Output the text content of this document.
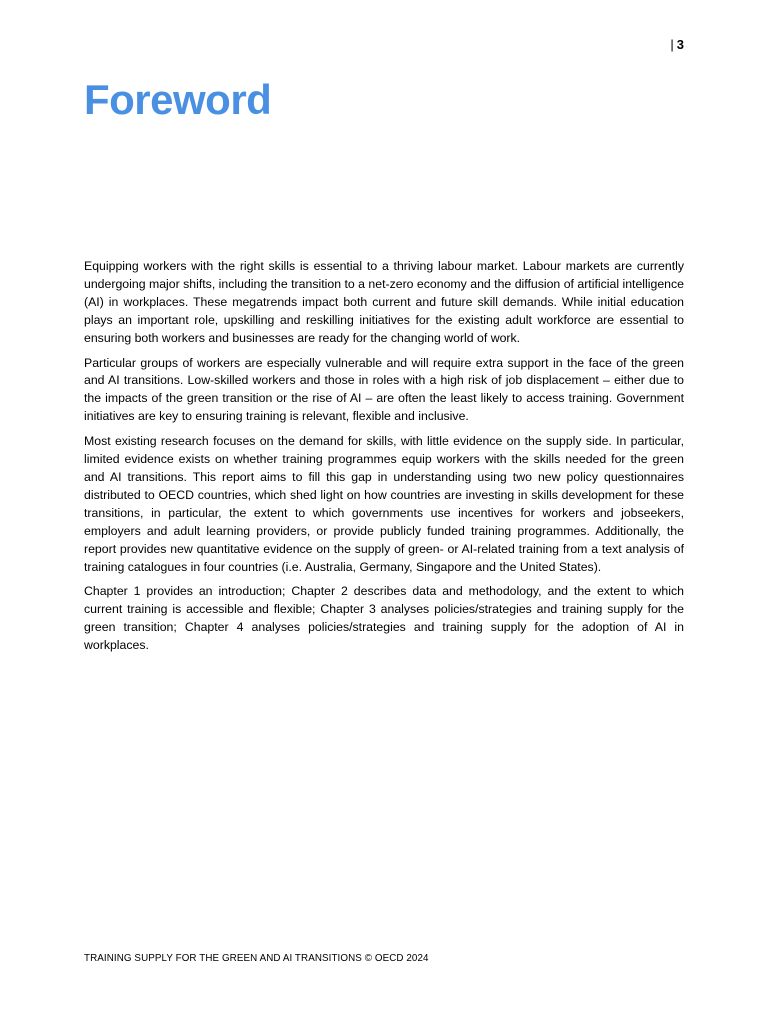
| 3
Foreword

Equipping workers with the right skills is essential to a thriving labour market. Labour markets are currently undergoing major shifts, including the transition to a net-zero economy and the diffusion of artificial intelligence (AI) in workplaces. These megatrends impact both current and future skill demands. While initial education plays an important role, upskilling and reskilling initiatives for the existing adult workforce are essential to ensuring both workers and businesses are ready for the changing world of work.

Particular groups of workers are especially vulnerable and will require extra support in the face of the green and AI transitions. Low-skilled workers and those in roles with a high risk of job displacement – either due to the impacts of the green transition or the rise of AI – are often the least likely to access training. Government initiatives are key to ensuring training is relevant, flexible and inclusive.

Most existing research focuses on the demand for skills, with little evidence on the supply side. In particular, limited evidence exists on whether training programmes equip workers with the skills needed for the green and AI transitions. This report aims to fill this gap in understanding using two new policy questionnaires distributed to OECD countries, which shed light on how countries are investing in skills development for these transitions, in particular, the extent to which governments use incentives for workers and jobseekers, employers and adult learning providers, or provide publicly funded training programmes. Additionally, the report provides new quantitative evidence on the supply of green- or AI-related training from a text analysis of training catalogues in four countries (i.e. Australia, Germany, Singapore and the United States).

Chapter 1 provides an introduction; Chapter 2 describes data and methodology, and the extent to which current training is accessible and flexible; Chapter 3 analyses policies/strategies and training supply for the green transition; Chapter 4 analyses policies/strategies and training supply for the adoption of AI in workplaces.

TRAINING SUPPLY FOR THE GREEN AND AI TRANSITIONS © OECD 2024
